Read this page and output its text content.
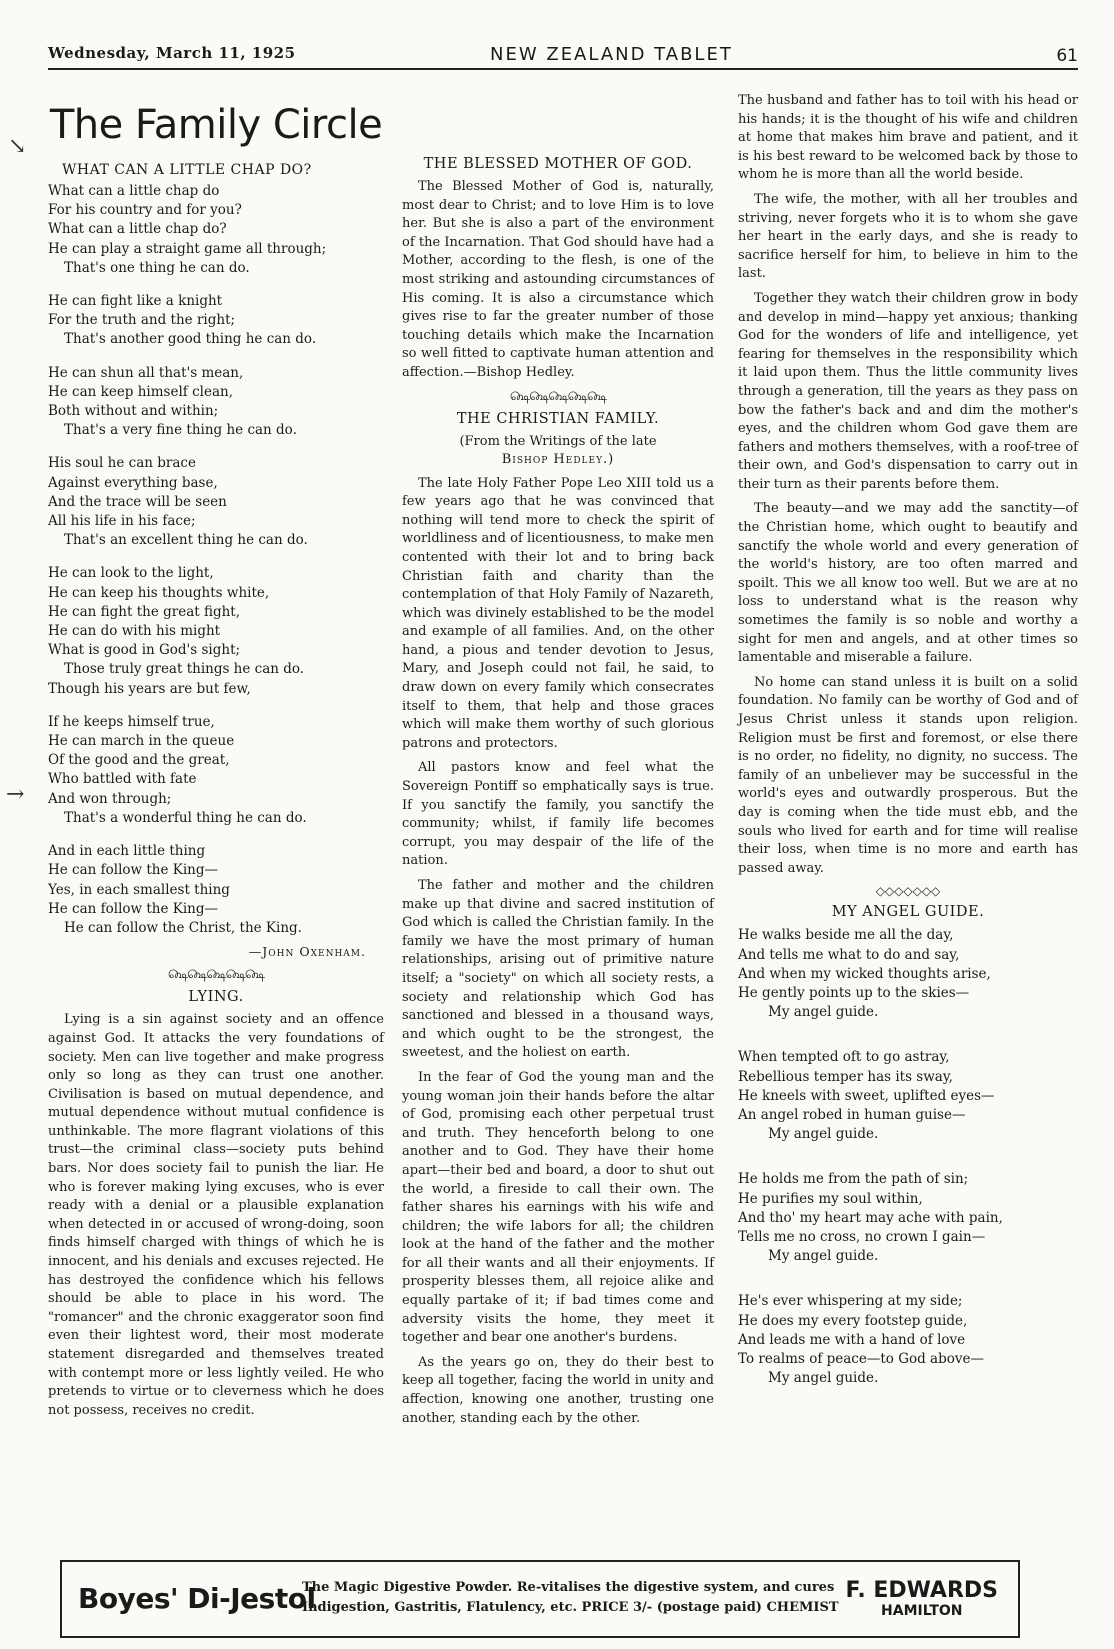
Wednesday, March 11, 1925	NEW ZEALAND TABLET	61
The Family Circle
WHAT CAN A LITTLE CHAP DO?
What can a little chap do
For his country and for you?
What can a little chap do?
He can play a straight game all through;
That's one thing he can do.
He can fight like a knight
For the truth and the right;
That's another good thing he can do.
He can shun all that's mean,
He can keep himself clean,
Both without and within;
That's a very fine thing he can do.
His soul he can brace
Against everything base,
And the trace will be seen
All his life in his face;
That's an excellent thing he can do.
He can look to the light,
He can keep his thoughts white,
He can fight the great fight,
He can do with his might
What is good in God's sight;
Those truly great things he can do.
Though his years are but few,
If he keeps himself true,
He can march in the queue
Of the good and the great,
Who battled with fate
And won through;
That's a wonderful thing he can do.
And in each little thing
He can follow the King—
Yes, in each smallest thing
He can follow the King—
He can follow the Christ, the King.
—John Oxenham.
௸௸௸௸௸
LYING.

Lying is a sin against society and an offence against God. It attacks the very foundations of society. Men can live together and make progress only so long as they can trust one another. Civilisation is based on mutual dependence, and mutual dependence without mutual confidence is unthinkable. The more flagrant violations of this trust—the criminal class—society puts behind bars. Nor does society fail to punish the liar. He who is forever making lying excuses, who is ever ready with a denial or a plausible explanation when detected in or accused of wrong-doing, soon finds himself charged with things of which he is innocent, and his denials and excuses rejected. He has destroyed the confidence which his fellows should be able to place in his word. The "romancer" and the chronic exaggerator soon find even their lightest word, their most moderate statement disregarded and themselves treated with contempt more or less lightly veiled. He who pretends to virtue or to cleverness which he does not possess, receives no credit.

THE BLESSED MOTHER OF GOD.

The Blessed Mother of God is, naturally, most dear to Christ; and to love Him is to love her. But she is also a part of the environment of the Incarnation. That God should have had a Mother, according to the flesh, is one of the most striking and astounding circumstances of His coming. It is also a circumstance which gives rise to far the greater number of those touching details which make the Incarnation so well fitted to captivate human attention and affection.—Bishop Hedley.

௸௸௸௸௸
THE CHRISTIAN FAMILY.
(From the Writings of the late
Bishop Hedley.)

The late Holy Father Pope Leo XIII told us a few years ago that he was convinced that nothing will tend more to check the spirit of worldliness and of licentiousness, to make men contented with their lot and to bring back Christian faith and charity than the contemplation of that Holy Family of Nazareth, which was divinely established to be the model and example of all families. And, on the other hand, a pious and tender devotion to Jesus, Mary, and Joseph could not fail, he said, to draw down on every family which consecrates itself to them, that help and those graces which will make them worthy of such glorious patrons and protectors.

All pastors know and feel what the Sovereign Pontiff so emphatically says is true. If you sanctify the family, you sanctify the community; whilst, if family life becomes corrupt, you may despair of the life of the nation.

The father and mother and the children make up that divine and sacred institution of God which is called the Christian family. In the family we have the most primary of human relationships, arising out of primitive nature itself; a "society" on which all society rests, a society and relationship which God has sanctioned and blessed in a thousand ways, and which ought to be the strongest, the sweetest, and the holiest on earth.

In the fear of God the young man and the young woman join their hands before the altar of God, promising each other perpetual trust and truth. They henceforth belong to one another and to God. They have their home apart—their bed and board, a door to shut out the world, a fireside to call their own. The father shares his earnings with his wife and children; the wife labors for all; the children look at the hand of the father and the mother for all their wants and all their enjoyments. If prosperity blesses them, all rejoice alike and equally partake of it; if bad times come and adversity visits the home, they meet it together and bear one another's burdens.

As the years go on, they do their best to keep all together, facing the world in unity and affection, knowing one another, trusting one another, standing each by the other.

The husband and father has to toil with his head or his hands; it is the thought of his wife and children at home that makes him brave and patient, and it is his best reward to be welcomed back by those to whom he is more than all the world beside.

The wife, the mother, with all her troubles and striving, never forgets who it is to whom she gave her heart in the early days, and she is ready to sacrifice herself for him, to believe in him to the last.

Together they watch their children grow in body and develop in mind—happy yet anxious; thanking God for the wonders of life and intelligence, yet fearing for themselves in the responsibility which it laid upon them. Thus the little community lives through a generation, till the years as they pass on bow the father's back and and dim the mother's eyes, and the children whom God gave them are fathers and mothers themselves, with a roof-tree of their own, and God's dispensation to carry out in their turn as their parents before them.

The beauty—and we may add the sanctity—of the Christian home, which ought to beautify and sanctify the whole world and every generation of the world's history, are too often marred and spoilt. This we all know too well. But we are at no loss to understand what is the reason why sometimes the family is so noble and worthy a sight for men and angels, and at other times so lamentable and miserable a failure.

No home can stand unless it is built on a solid foundation. No family can be worthy of God and of Jesus Christ unless it stands upon religion. Religion must be first and foremost, or else there is no order, no fidelity, no dignity, no success. The family of an unbeliever may be successful in the world's eyes and outwardly prosperous. But the day is coming when the tide must ebb, and the souls who lived for earth and for time will realise their loss, when time is no more and earth has passed away.

◇◇◇◇◇◇◇
MY ANGEL GUIDE.
He walks beside me all the day,
And tells me what to do and say,
And when my wicked thoughts arise,
He gently points up to the skies—
My angel guide.
When tempted oft to go astray,
Rebellious temper has its sway,
He kneels with sweet, uplifted eyes—
An angel robed in human guise—
My angel guide.
He holds me from the path of sin;
He purifies my soul within,
And tho' my heart may ache with pain,
Tells me no cross, no crown I gain—
My angel guide.
He's ever whispering at my side;
He does my every footstep guide,
And leads me with a hand of love
To realms of peace—to God above—
My angel guide.
Boyes' Di-Jestol
The Magic Digestive Powder. Re-vitalises the digestive system, and cures
Indigestion, Gastritis, Flatulency, etc. PRICE 3/- (postage paid) CHEMIST
F. EDWARDS
HAMILTON
↘
→
